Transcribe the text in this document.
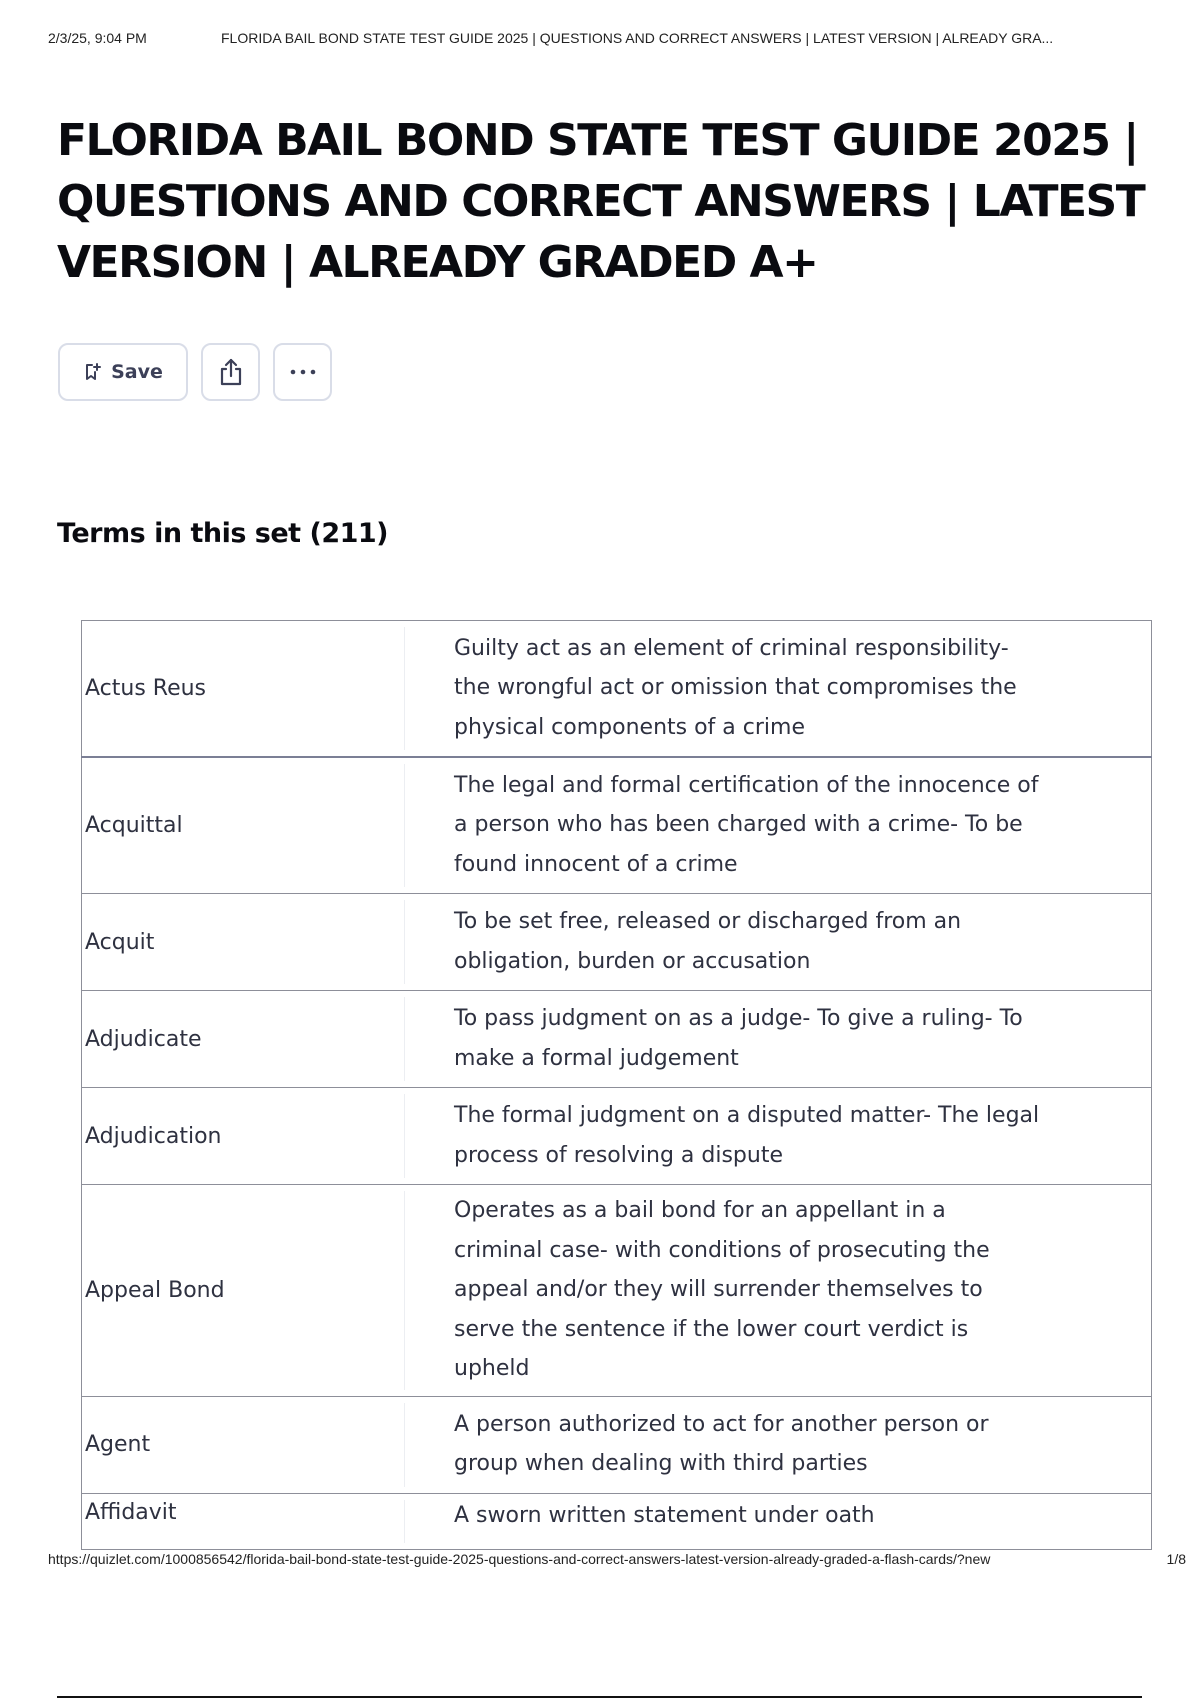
2/3/25, 9:04 PM	FLORIDA BAIL BOND STATE TEST GUIDE 2025 | QUESTIONS AND CORRECT ANSWERS | LATEST VERSION | ALREADY GRA...
FLORIDA BAIL BOND STATE TEST GUIDE 2025 | QUESTIONS AND CORRECT ANSWERS | LATEST VERSION | ALREADY GRADED A+
Save
Terms in this set (211)
Actus Reus	Guilty act as an element of criminal responsibility-the wrongful act or omission that compromises the physical components of a crime
Acquittal	The legal and formal certification of the innocence of a person who has been charged with a crime- To be found innocent of a crime
Acquit	To be set free, released or discharged from an obligation, burden or accusation
Adjudicate	To pass judgment on as a judge- To give a ruling- To make a formal judgement
Adjudication	The formal judgment on a disputed matter- The legal process of resolving a dispute
Appeal Bond	Operates as a bail bond for an appellant in a criminal case- with conditions of prosecuting the appeal and/or they will surrender themselves to serve the sentence if the lower court verdict is upheld
Agent	A person authorized to act for another person or group when dealing with third parties
Affidavit	A sworn written statement under oath
https://quizlet.com/1000856542/florida-bail-bond-state-test-guide-2025-questions-and-correct-answers-latest-version-already-graded-a-flash-cards/?new	1/8
